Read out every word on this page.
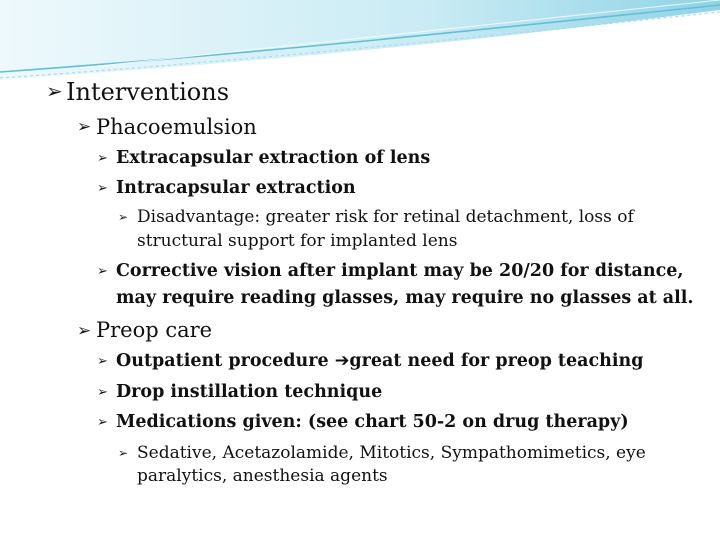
➢ Interventions
➢ Phacoemulsion
➢ Extracapsular extraction of lens
➢ Intracapsular extraction
➢ Disadvantage: greater risk for retinal detachment, loss of
structural support for implanted lens
➢ Corrective vision after implant may be 20/20 for distance,
may require reading glasses, may require no glasses at all.
➢ Preop care
➢ Outpatient procedure ➔great need for preop teaching
➢ Drop instillation technique
➢ Medications given: (see chart 50-2 on drug therapy)
➢ Sedative, Acetazolamide, Mitotics, Sympathomimetics, eye
paralytics, anesthesia agents
